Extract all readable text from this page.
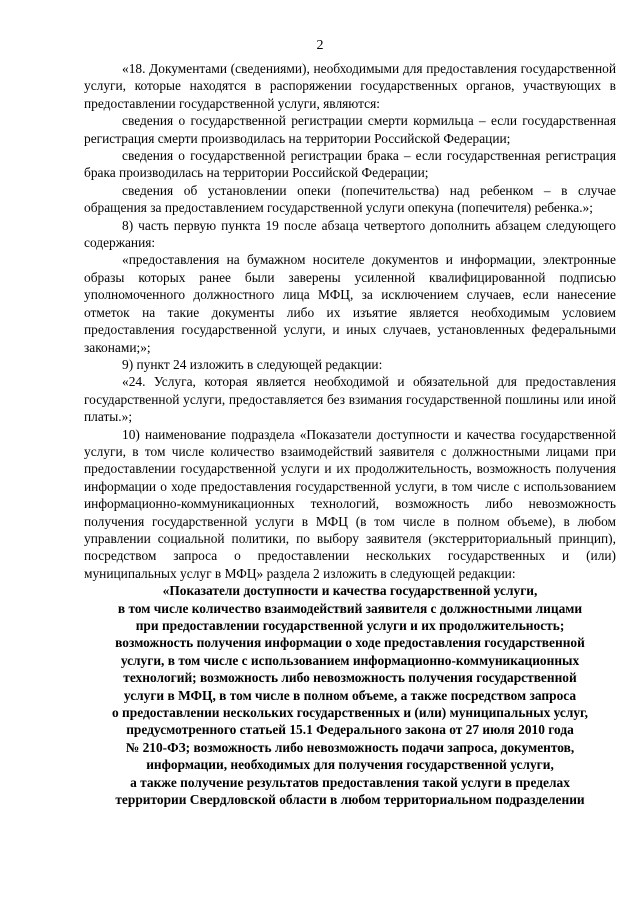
2

«18. Документами (сведениями), необходимыми для предоставления государственной услуги, которые находятся в распоряжении государственных органов, участвующих в предоставлении государственной услуги, являются:

сведения о государственной регистрации смерти кормильца – если государственная регистрация смерти производилась на территории Российской Федерации;

сведения о государственной регистрации брака – если государственная регистрация брака производилась на территории Российской Федерации;

сведения об установлении опеки (попечительства) над ребенком – в случае обращения за предоставлением государственной услуги опекуна (попечителя) ребенка.»;

8) часть первую пункта 19 после абзаца четвертого дополнить абзацем следующего содержания:

«предоставления на бумажном носителе документов и информации, электронные образы которых ранее были заверены усиленной квалифицированной подписью уполномоченного должностного лица МФЦ, за исключением случаев, если нанесение отметок на такие документы либо их изъятие является необходимым условием предоставления государственной услуги, и иных случаев, установленных федеральными законами;»;

9) пункт 24 изложить в следующей редакции:

«24. Услуга, которая является необходимой и обязательной для предоставления государственной услуги, предоставляется без взимания государственной пошлины или иной платы.»;

10) наименование подраздела «Показатели доступности и качества государственной услуги, в том числе количество взаимодействий заявителя с должностными лицами при предоставлении государственной услуги и их продолжительность, возможность получения информации о ходе предоставления государственной услуги, в том числе с использованием информационно-коммуникационных технологий, возможность либо невозможность получения государственной услуги в МФЦ (в том числе в полном объеме), в любом управлении социальной политики, по выбору заявителя (экстерриториальный принцип), посредством запроса о предоставлении нескольких государственных и (или) муниципальных услуг в МФЦ» раздела 2 изложить в следующей редакции:

«Показатели доступности и качества государственной услуги,
в том числе количество взаимодействий заявителя с должностными лицами
при предоставлении государственной услуги и их продолжительность;
возможность получения информации о ходе предоставления государственной
услуги, в том числе с использованием информационно-коммуникационных
технологий; возможность либо невозможность получения государственной
услуги в МФЦ, в том числе в полном объеме, а также посредством запроса
о предоставлении нескольких государственных и (или) муниципальных услуг,
предусмотренного статьей 15.1 Федерального закона от 27 июля 2010 года
№ 210-ФЗ; возможность либо невозможность подачи запроса, документов,
информации, необходимых для получения государственной услуги,
а также получение результатов предоставления такой услуги в пределах
территории Свердловской области в любом территориальном подразделении
